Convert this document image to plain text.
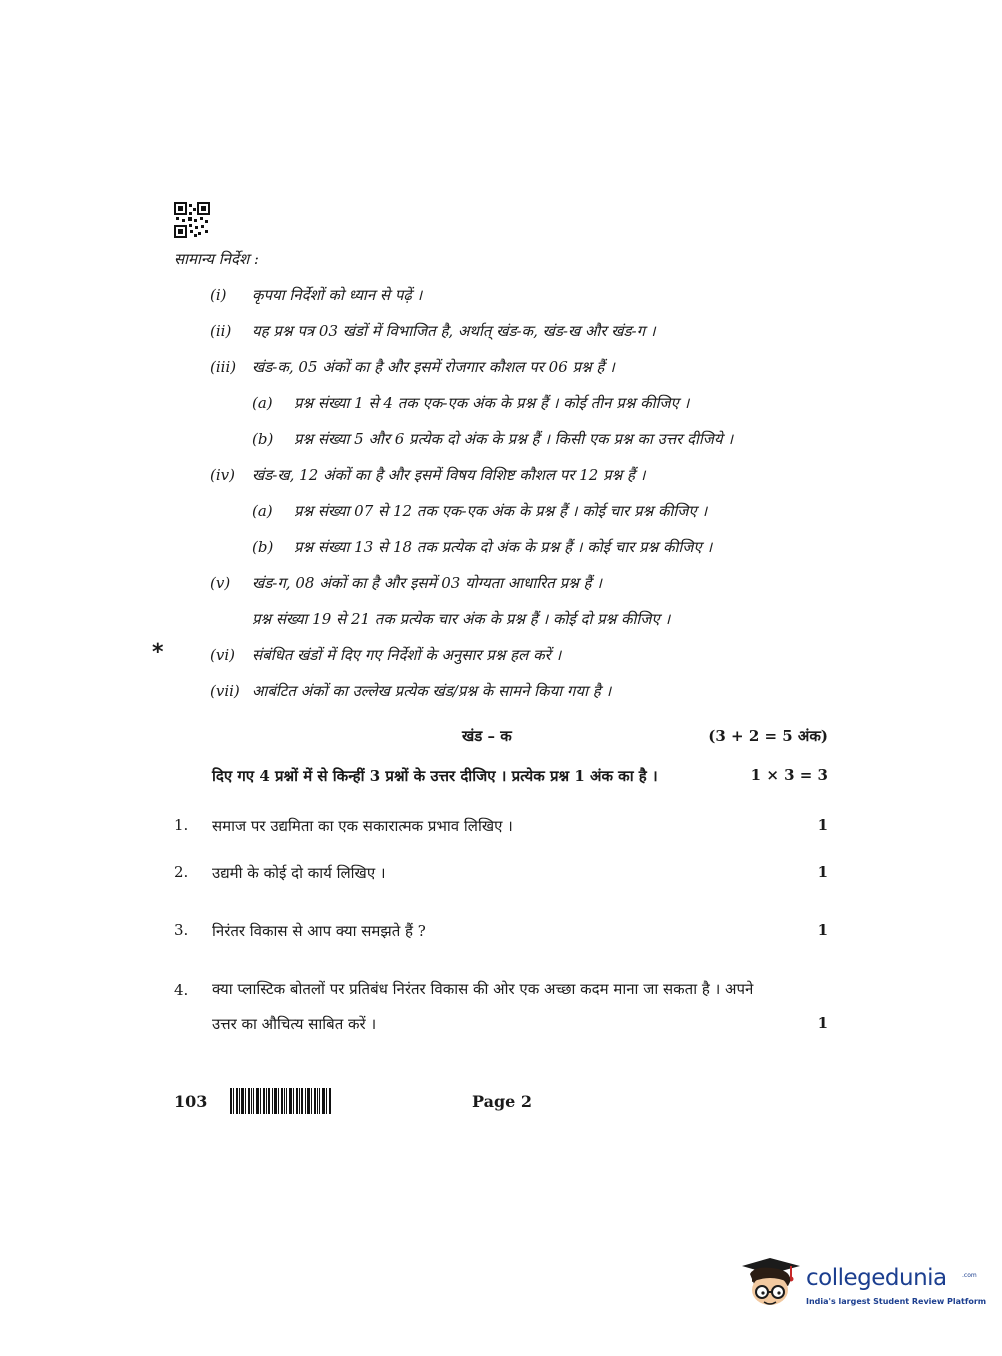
सामान्य निर्देश :
(i) कृपया निर्देशों को ध्यान से पढ़ें ।
(ii) यह प्रश्न पत्र 03 खंडों में विभाजित है, अर्थात् खंड-क, खंड-ख और खंड-ग ।
(iii) खंड-क, 05 अंकों का है और इसमें रोजगार कौशल पर 06 प्रश्न हैं ।
(a) प्रश्न संख्या 1 से 4 तक एक-एक अंक के प्रश्न हैं । कोई तीन प्रश्न कीजिए ।
(b) प्रश्न संख्या 5 और 6 प्रत्येक दो अंक के प्रश्न हैं । किसी एक प्रश्न का उत्तर दीजिये ।
(iv) खंड-ख, 12 अंकों का है और इसमें विषय विशिष्ट कौशल पर 12 प्रश्न हैं ।
(a) प्रश्न संख्या 07 से 12 तक एक-एक अंक के प्रश्न हैं । कोई चार प्रश्न कीजिए ।
(b) प्रश्न संख्या 13 से 18 तक प्रत्येक दो अंक के प्रश्न हैं । कोई चार प्रश्न कीजिए ।
(v) खंड-ग, 08 अंकों का है और इसमें 03 योग्यता आधारित प्रश्न हैं ।
प्रश्न संख्या 19 से 21 तक प्रत्येक चार अंक के प्रश्न हैं । कोई दो प्रश्न कीजिए ।
(vi) संबंधित खंडों में दिए गए निर्देशों के अनुसार प्रश्न हल करें ।
(vii) आबंटित अंकों का उल्लेख प्रत्येक खंड/प्रश्न के सामने किया गया है ।
*
खंड – क	(3 + 2 = 5 अंक)
दिए गए 4 प्रश्नों में से किन्हीं 3 प्रश्नों के उत्तर दीजिए । प्रत्येक प्रश्न 1 अंक का है ।	1 × 3 = 3
1. समाज पर उद्यमिता का एक सकारात्मक प्रभाव लिखिए ।	1
2. उद्यमी के कोई दो कार्य लिखिए ।	1
3. निरंतर विकास से आप क्या समझते हैं ?	1
4. क्या प्लास्टिक बोतलों पर प्रतिबंध निरंतर विकास की ओर एक अच्छा कदम माना जा सकता है । अपने
उत्तर का औचित्य साबित करें ।	1
103	Page 2
collegedunia	.com
India's largest Student Review Platform
